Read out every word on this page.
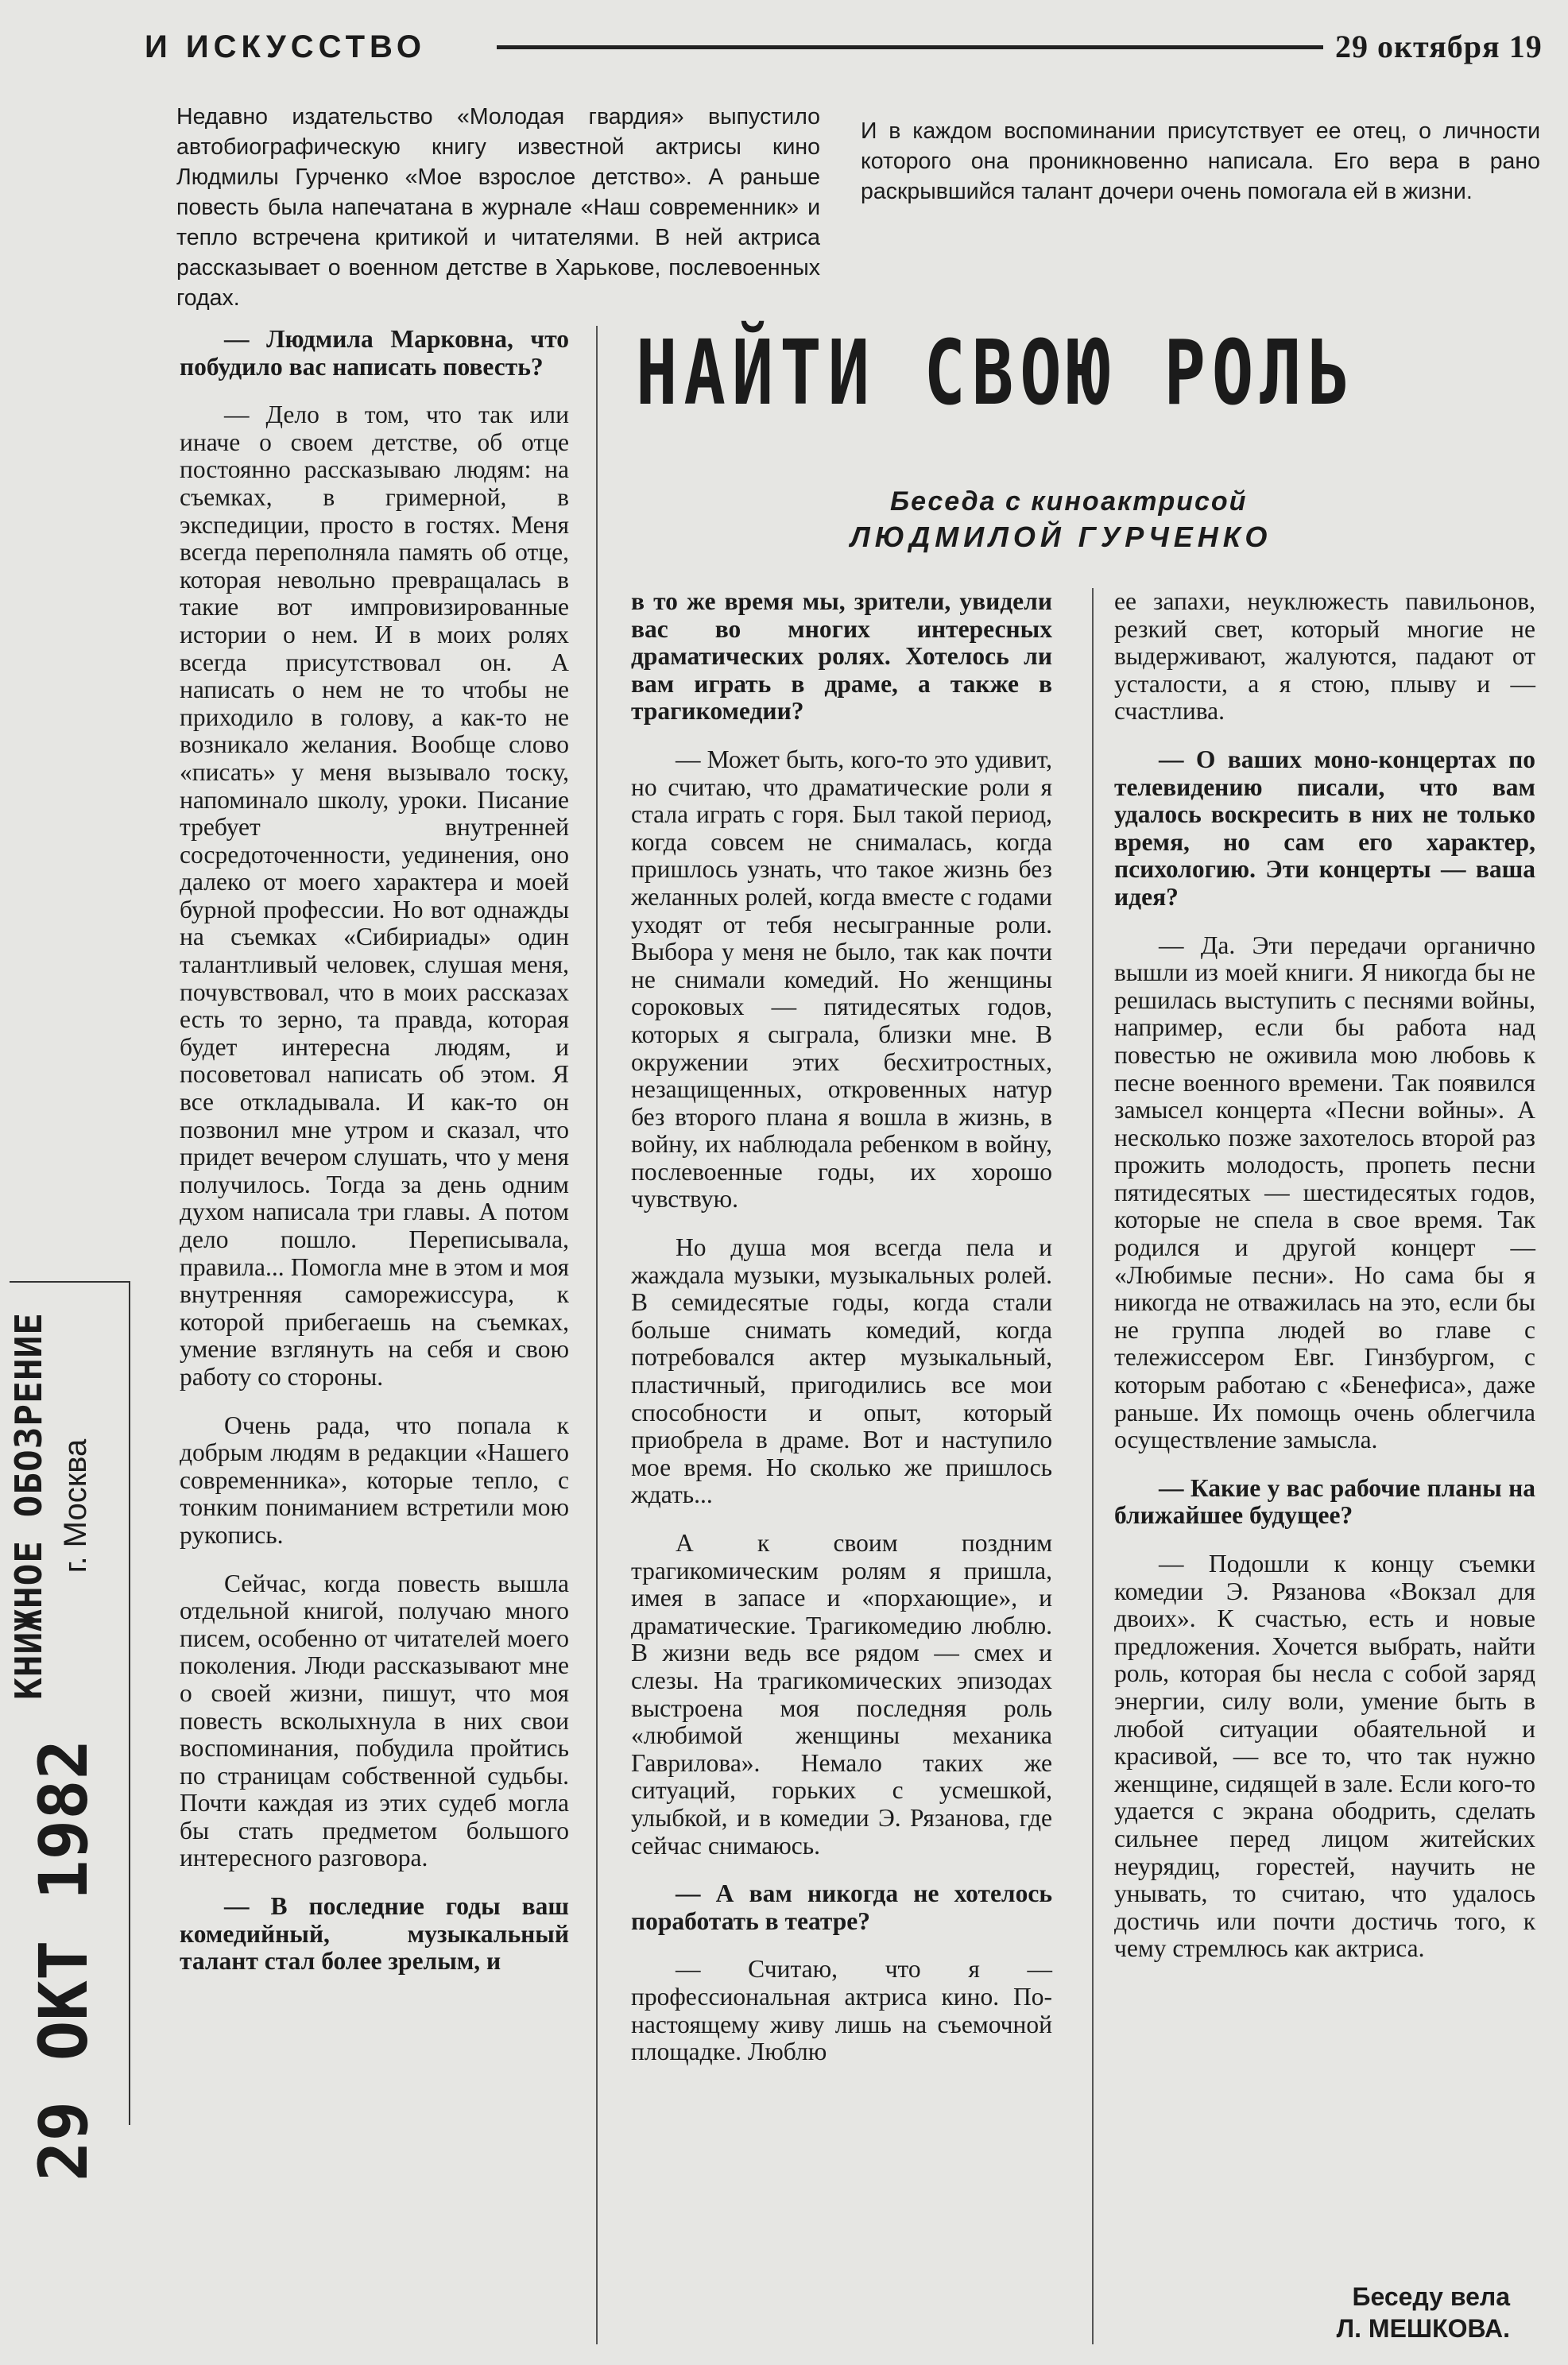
И ИСКУССТВО	29 октября 19
Недавно издательство «Молодая гвардия» выпустило автобиографическую книгу известной актрисы кино Людмилы Гурченко «Мое взрослое детство». А раньше повесть была напечатана в журнале «Наш современник» и тепло встречена критикой и читателями. В ней актриса рассказывает о военном детстве в Харькове, послевоенных годах.
И в каждом воспоминании присутствует ее отец, о личности которого она проникновенно написала. Его вера в рано раскрывшийся талант дочери очень помогала ей в жизни.
НАЙТИ СВОЮ РОЛЬ
Беседа с киноактрисой
ЛЮДМИЛОЙ ГУРЧЕНКО

— Людмила Марковна, что побудило вас написать повесть?

— Дело в том, что так или иначе о своем детстве, об отце постоянно рассказываю людям: на съемках, в гримерной, в экспедиции, просто в гостях. Меня всегда переполняла память об отце, которая невольно превращалась в такие вот импровизированные истории о нем. И в моих ролях всегда присутствовал он. А написать о нем не то чтобы не приходило в голову, а как-то не возникало желания. Вообще слово «писать» у меня вызывало тоску, напоминало школу, уроки. Писание требует внутренней сосредоточенности, уединения, оно далеко от моего характера и моей бурной профессии. Но вот однажды на съемках «Сибириады» один талантливый человек, слушая меня, почувствовал, что в моих рассказах есть то зерно, та правда, которая будет интересна людям, и посоветовал написать об этом. Я все откладывала. И как-то он позвонил мне утром и сказал, что придет вечером слушать, что у меня получилось. Тогда за день одним духом написала три главы. А потом дело пошло. Переписывала, правила... Помогла мне в этом и моя внутренняя саморежиссура, к которой прибегаешь на съемках, умение взглянуть на себя и свою работу со стороны.

Очень рада, что попала к добрым людям в редакции «Нашего современника», которые тепло, с тонким пониманием встретили мою рукопись.

Сейчас, когда повесть вышла отдельной книгой, получаю много писем, особенно от читателей моего поколения. Люди рассказывают мне о своей жизни, пишут, что моя повесть всколыхнула в них свои воспоминания, побудила пройтись по страницам собственной судьбы. Почти каждая из этих судеб могла бы стать предметом большого интересного разговора.

— В последние годы ваш комедийный, музыкальный талант стал более зрелым, и

в то же время мы, зрители, увидели вас во многих интересных драматических ролях. Хотелось ли вам играть в драме, а также в трагикомедии?

— Может быть, кого-то это удивит, но считаю, что драматические роли я стала играть с горя. Был такой период, когда совсем не снималась, когда пришлось узнать, что такое жизнь без желанных ролей, когда вместе с годами уходят от тебя несыгранные роли. Выбора у меня не было, так как почти не снимали комедий. Но женщины сороковых — пятидесятых годов, которых я сыграла, близки мне. В окружении этих бесхитростных, незащищенных, откровенных натур без второго плана я вошла в жизнь, в войну, их наблюдала ребенком в войну, послевоенные годы, их хорошо чувствую.

Но душа моя всегда пела и жаждала музыки, музыкальных ролей. В семидесятые годы, когда стали больше снимать комедий, когда потребовался актер музыкальный, пластичный, пригодились все мои способности и опыт, который приобрела в драме. Вот и наступило мое время. Но сколько же пришлось ждать...

А к своим поздним трагикомическим ролям я пришла, имея в запасе и «порхающие», и драматические. Трагикомедию люблю. В жизни ведь все рядом — смех и слезы. На трагикомических эпизодах выстроена моя последняя роль «любимой женщины механика Гаврилова». Немало таких же ситуаций, горьких с усмешкой, улыбкой, и в комедии Э. Рязанова, где сейчас снимаюсь.

— А вам никогда не хотелось поработать в театре?

— Считаю, что я — профессиональная актриса кино. По-настоящему живу лишь на съемочной площадке. Люблю

ее запахи, неуклюжесть павильонов, резкий свет, который многие не выдерживают, жалуются, падают от усталости, а я стою, плыву и — счастлива.

— О ваших моно-концертах по телевидению писали, что вам удалось воскресить в них не только время, но сам его характер, психологию. Эти концерты — ваша идея?

— Да. Эти передачи органично вышли из моей книги. Я никогда бы не решилась выступить с песнями войны, например, если бы работа над повестью не оживила мою любовь к песне военного времени. Так появился замысел концерта «Песни войны». А несколько позже захотелось второй раз прожить молодость, пропеть песни пятидесятых — шестидесятых годов, которые не спела в свое время. Так родился и другой концерт — «Любимые песни». Но сама бы я никогда не отважилась на это, если бы не группа людей во главе с тележиссером Евг. Гинзбургом, с которым работаю с «Бенефиса», даже раньше. Их помощь очень облегчила осуществление замысла.

— Какие у вас рабочие планы на ближайшее будущее?

— Подошли к концу съемки комедии Э. Рязанова «Вокзал для двоих». К счастью, есть и новые предложения. Хочется выбрать, найти роль, которая бы несла с собой заряд энергии, силу воли, умение быть в любой ситуации обаятельной и красивой, — все то, что так нужно женщине, сидящей в зале. Если кого-то удается с экрана ободрить, сделать сильнее перед лицом житейских неурядиц, горестей, научить не унывать, то считаю, что удалось достичь или почти достичь того, к чему стремлюсь как актриса.

Беседу вела
Л. МЕШКОВА.
КНИЖНОЕ ОБОЗРЕНИЕ г. Москва
29 ОКТ 1982
